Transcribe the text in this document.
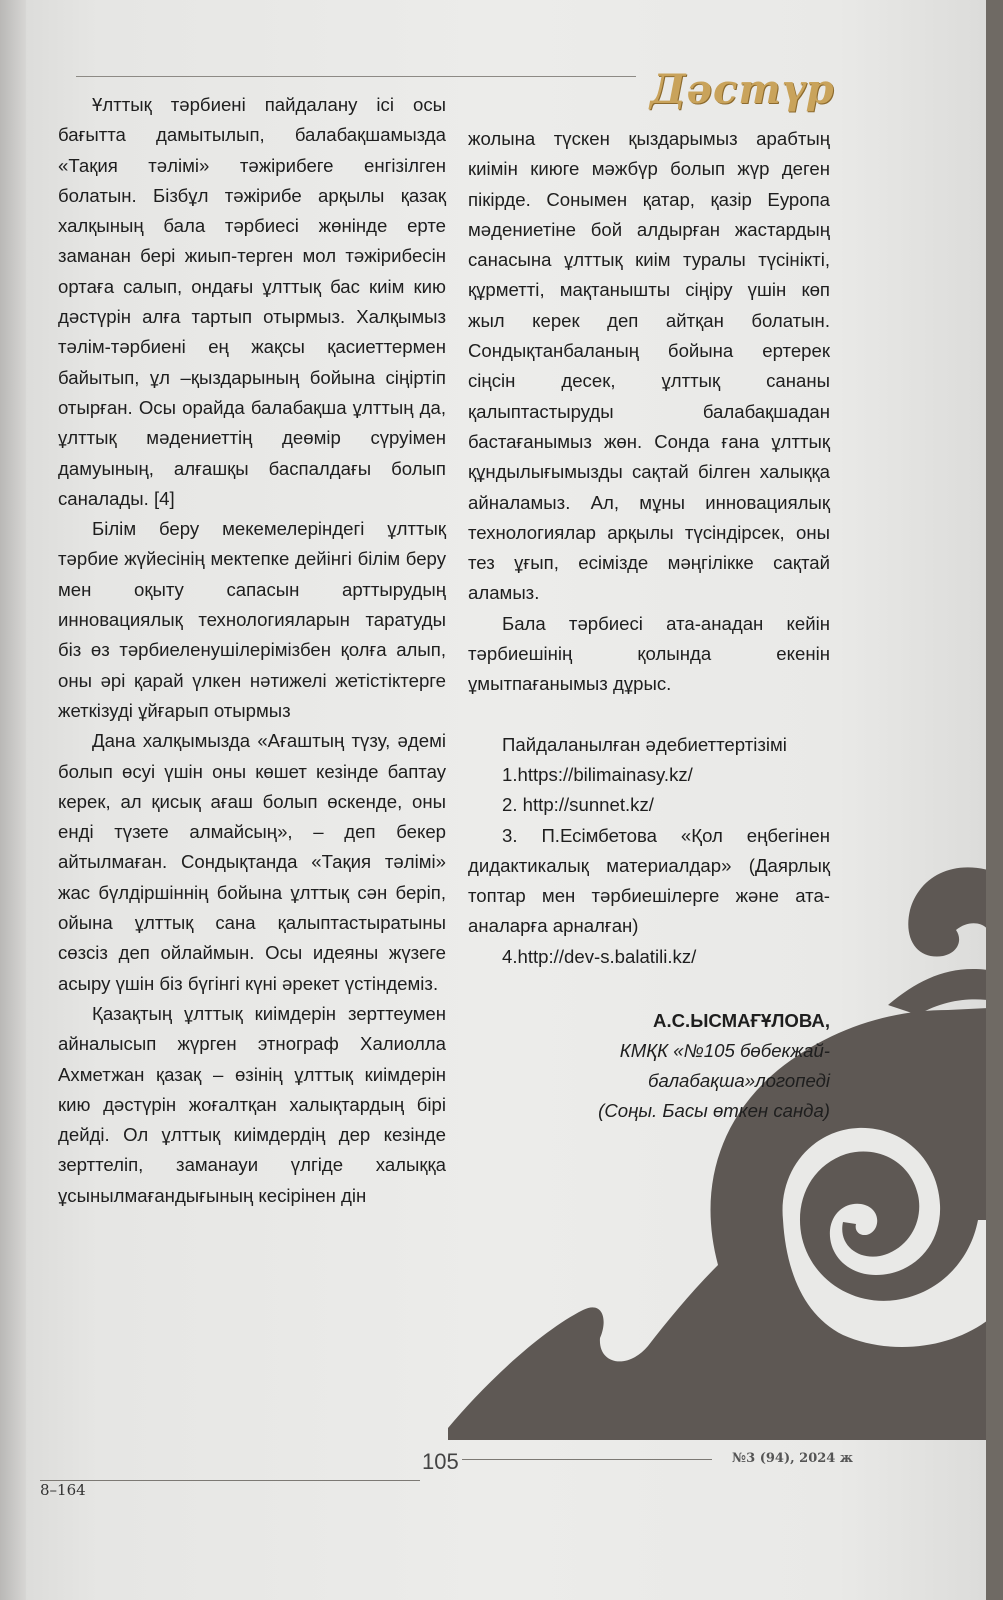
Дәстүр

Ұлттық тәрбиені пайдалану ісі осы бағытта дамытылып, балабақшамызда «Тақия тәлімі» тәжірибеге енгізілген болатын. Бізбұл тәжірибе арқылы қазақ халқының бала тәрбиесі жөнінде ерте заманан бері жиып-терген мол тәжірибесін ортаға салып, ондағы ұлттық бас киім кию дәстүрін алға тартып отырмыз. Халқымыз тәлім-тәрбиені ең жақсы қасиеттермен байытып, ұл –қыздарының бойына сіңіртіп отырған. Осы орайда балабақша ұлттың да, ұлттық мәдениеттің деөмір сүруімен дамуының, алғашқы баспалдағы болып саналады. [4]

Білім беру мекемелеріндегі ұлттық тәрбие жүйесінің мектепке дейінгі білім беру мен оқыту сапасын арттырудың инновациялық технологияларын таратуды біз өз тәрбиеленушілерімізбен қолға алып, оны әрі қарай үлкен нәтижелі жетістіктерге жеткізуді ұйғарып отырмыз

Дана халқымызда «Ағаштың түзу, әдемі болып өсуі үшін оны көшет кезінде баптау керек, ал қисық ағаш болып өскенде, оны енді түзете алмайсың», – деп бекер айтылмаған. Сондықтанда «Тақия тәлімі» жас бүлдіршіннің бойына ұлттық сән беріп, ойына ұлттық сана қалыптастыратыны сөзсіз деп ойлаймын. Осы идеяны жүзеге асыру үшін біз бүгінгі күні әрекет үстіндеміз.

Қазақтың ұлттық киімдерін зерттеумен айналысып жүрген этнограф Халиолла Ахметжан қазақ – өзінің ұлттық киімдерін кию дәстүрін жоғалтқан халықтардың бірі дейді. Ол ұлттық киімдердің дер кезінде зерттеліп, заманауи үлгіде халыққа ұсынылмағандығының кесірінен дін

жолына түскен қыздарымыз арабтың киімін киюге мәжбүр болып жүр деген пікірде. Сонымен қатар, қазір Еуропа мәдениетіне бой алдырған жастардың санасына ұлттық киім туралы түсінікті, құрметті, мақтанышты сіңіру үшін көп жыл керек деп айтқан болатын. Сондықтанбаланың бойына ертерек сіңсін десек, ұлттық сананы қалыптастыруды балабақшадан бастағанымыз жөн. Сонда ғана ұлттық құндылығымызды сақтай білген халыққа айналамыз. Ал, мұны инновациялық технологиялар арқылы түсіндірсек, оны тез ұғып, есімізде мәңгілікке сақтай аламыз.

Бала тәрбиесі ата-анадан кейін тәрбиешінің қолында екенін ұмытпағанымыз дұрыс.

Пайдаланылған әдебиеттертізімі

1.https://bilimainasy.kz/

2. http://sunnet.kz/

3. П.Есімбетова «Қол еңбегінен дидактикалық материалдар» (Даярлық топтар мен тәрбиешілерге және ата-аналарға арналған)

4.http://dev-s.balatili.kz/

А.С.ЫСМАҒҰЛОВА,
КМҚК «№105 бөбекжай-
балабақша»логопеді
(Соңы. Басы өткен санда)
105	№3 (94), 2024 ж
8–164
